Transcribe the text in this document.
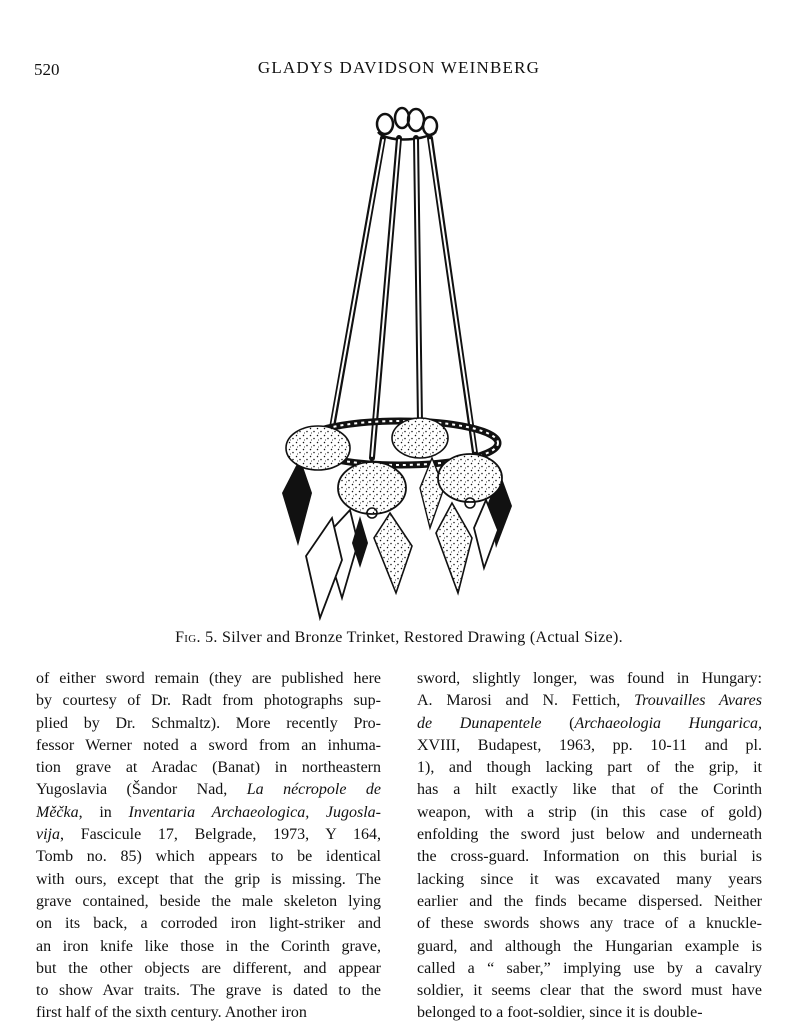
520	GLADYS DAVIDSON WEINBERG
Fig. 5. Silver and Bronze Trinket, Restored Drawing (Actual Size).
of either sword remain (they are published here
by courtesy of Dr. Radt from photographs sup-
plied by Dr. Schmaltz). More recently Pro-
fessor Werner noted a sword from an inhuma-
tion grave at Aradac (Banat) in northeastern
Yugoslavia (Šandor Nad, La nécropole de
Měčka, in Inventaria Archaeologica, Jugosla-
vija, Fascicule 17, Belgrade, 1973, Y 164,
Tomb no. 85) which appears to be identical
with ours, except that the grip is missing. The
grave contained, beside the male skeleton lying
on its back, a corroded iron light-striker and
an iron knife like those in the Corinth grave,
but the other objects are different, and appear
to show Avar traits. The grave is dated to the
first half of the sixth century. Another iron
sword, slightly longer, was found in Hungary:
A. Marosi and N. Fettich, Trouvailles Avares
de Dunapentele (Archaeologia Hungarica,
XVIII, Budapest, 1963, pp. 10-11 and pl.
1), and though lacking part of the grip, it
has a hilt exactly like that of the Corinth
weapon, with a strip (in this case of gold)
enfolding the sword just below and underneath
the cross-guard. Information on this burial is
lacking since it was excavated many years
earlier and the finds became dispersed. Neither
of these swords shows any trace of a knuckle-
guard, and although the Hungarian example is
called a “ saber,” implying use by a cavalry
soldier, it seems clear that the sword must have
belonged to a foot-soldier, since it is double-
